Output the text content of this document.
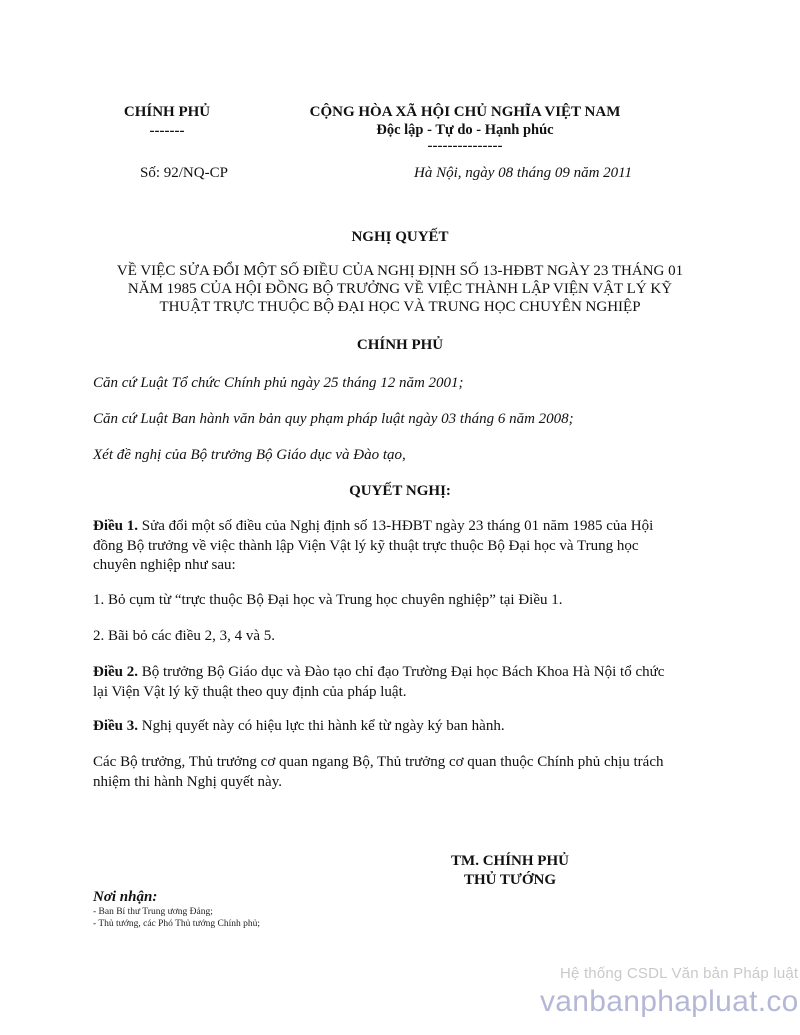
CHÍNH PHỦ
-------
CỘNG HÒA XÃ HỘI CHỦ NGHĨA VIỆT NAM
Độc lập - Tự do - Hạnh phúc
---------------
Số: 92/NQ-CP	Hà Nội, ngày 08 tháng 09 năm 2011
NGHỊ QUYẾT
VỀ VIỆC SỬA ĐỔI MỘT SỐ ĐIỀU CỦA NGHỊ ĐỊNH SỐ 13-HĐBT NGÀY 23 THÁNG 01
NĂM 1985 CỦA HỘI ĐỒNG BỘ TRƯỞNG VỀ VIỆC THÀNH LẬP VIỆN VẬT LÝ KỸ
THUẬT TRỰC THUỘC BỘ ĐẠI HỌC VÀ TRUNG HỌC CHUYÊN NGHIỆP
CHÍNH PHỦ
Căn cứ Luật Tổ chức Chính phủ ngày 25 tháng 12 năm 2001;
Căn cứ Luật Ban hành văn bản quy phạm pháp luật ngày 03 tháng 6 năm 2008;
Xét đề nghị của Bộ trưởng Bộ Giáo dục và Đào tạo,
QUYẾT NGHỊ:
Điều 1. Sửa đổi một số điều của Nghị định số 13-HĐBT ngày 23 tháng 01 năm 1985 của Hội
đồng Bộ trưởng về việc thành lập Viện Vật lý kỹ thuật trực thuộc Bộ Đại học và Trung học
chuyên nghiệp như sau:
1. Bỏ cụm từ “trực thuộc Bộ Đại học và Trung học chuyên nghiệp” tại Điều 1.
2. Bãi bỏ các điều 2, 3, 4 và 5.
Điều 2. Bộ trưởng Bộ Giáo dục và Đào tạo chỉ đạo Trường Đại học Bách Khoa Hà Nội tổ chức
lại Viện Vật lý kỹ thuật theo quy định của pháp luật.
Điều 3. Nghị quyết này có hiệu lực thi hành kể từ ngày ký ban hành.
Các Bộ trưởng, Thủ trưởng cơ quan ngang Bộ, Thủ trưởng cơ quan thuộc Chính phủ chịu trách
nhiệm thi hành Nghị quyết này.
TM. CHÍNH PHỦ
THỦ TƯỚNG
Nơi nhận:
- Ban Bí thư Trung ương Đảng;
- Thủ tướng, các Phó Thủ tướng Chính phủ;
Hệ thống CSDL Văn bản Pháp luật
vanbanphapluat.co
